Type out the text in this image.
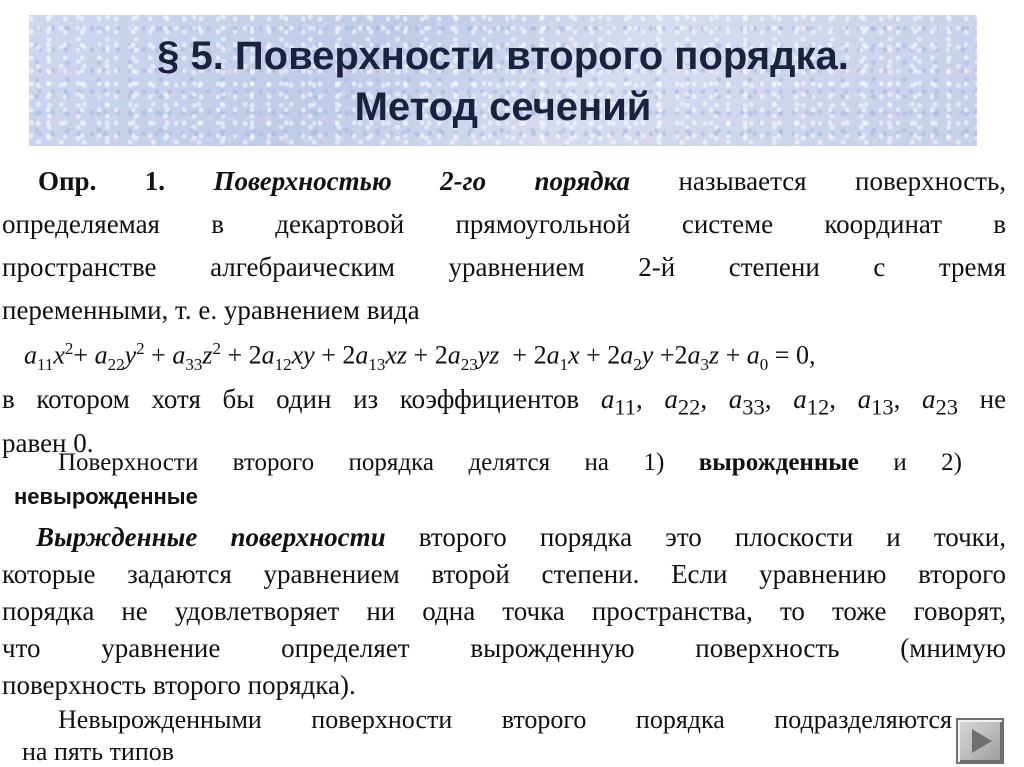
§ 5. Поверхности второго порядка.
Метод сечений
Опр. 1. Поверхностью 2-го порядка называется поверхность,
определяемая в декартовой прямоугольной системе координат в
пространстве алгебраическим уравнением 2-й степени с тремя
переменными, т. е. уравнением вида
$a_{11}x^2+ a_{22}y^2 + a_{33}z^2 + 2a_{12}xy + 2a_{13}xz + 2a_{23}yz + 2a_1x + 2a_2y +2a_3z + a_0 = 0$,
в котором хотя бы один из коэффициентов $a_{11}$, $a_{22}$, $a_{33}$, $a_{12}$, $a_{13}$, $a_{23}$ не
равен 0.
Поверхности второго порядка делятся на 1) вырожденные и 2)
невырожденные
Выржденные поверхности второго порядка это плоскости и точки,
которые задаются уравнением второй степени. Если уравнению второго
порядка не удовлетворяет ни одна точка пространства, то тоже говорят,
что уравнение определяет вырожденную поверхность (мнимую
поверхность второго порядка).
Невырожденными поверхности второго порядка подразделяются
на пять типов
